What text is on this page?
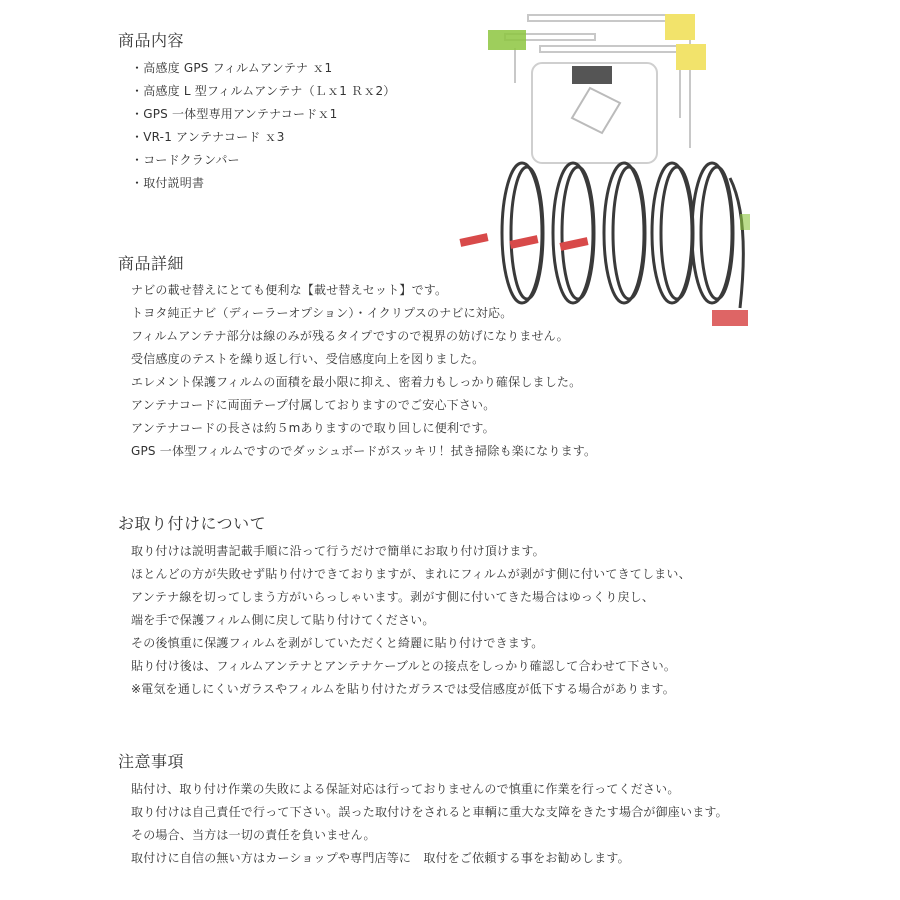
商品内容
・高感度 GPS フィルムアンテナ ｘ1
・高感度 L 型フィルムアンテナ（Ｌｘ1 Ｒｘ2）
・GPS 一体型専用アンテナコードｘ1
・VR-1 アンテナコード ｘ3
・コードクランパー
・取付説明書
商品詳細
ナビの載せ替えにとても便利な【載せ替えセット】です。
トヨタ純正ナビ（ディーラーオプション）・イクリプスのナビに対応。
フィルムアンテナ部分は線のみが残るタイプですので視界の妨げになりません。
受信感度のテストを繰り返し行い、受信感度向上を図りました。
エレメント保護フィルムの面積を最小限に抑え、密着力もしっかり確保しました。
アンテナコードに両面テープ付属しておりますのでご安心下さい。
アンテナコードの長さは約５mありますので取り回しに便利です。
GPS 一体型フィルムですのでダッシュボードがスッキリ！拭き掃除も楽になります。
お取り付けについて
取り付けは説明書記載手順に沿って行うだけで簡単にお取り付け頂けます。
ほとんどの方が失敗せず貼り付けできておりますが、まれにフィルムが剥がす側に付いてきてしまい、
アンテナ線を切ってしまう方がいらっしゃいます。剥がす側に付いてきた場合はゆっくり戻し、
端を手で保護フィルム側に戻して貼り付けてください。
その後慎重に保護フィルムを剥がしていただくと綺麗に貼り付けできます。
貼り付け後は、フィルムアンテナとアンテナケーブルとの接点をしっかり確認して合わせて下さい。
※電気を通しにくいガラスやフィルムを貼り付けたガラスでは受信感度が低下する場合があります。
注意事項
貼付け、取り付け作業の失敗による保証対応は行っておりませんので慎重に作業を行ってください。
取り付けは自己責任で行って下さい。誤った取付けをされると車輌に重大な支障をきたす場合が御座います。
その場合、当方は一切の責任を負いません。
取付けに自信の無い方はカーショップや専門店等に　取付をご依頼する事をお勧めします。
